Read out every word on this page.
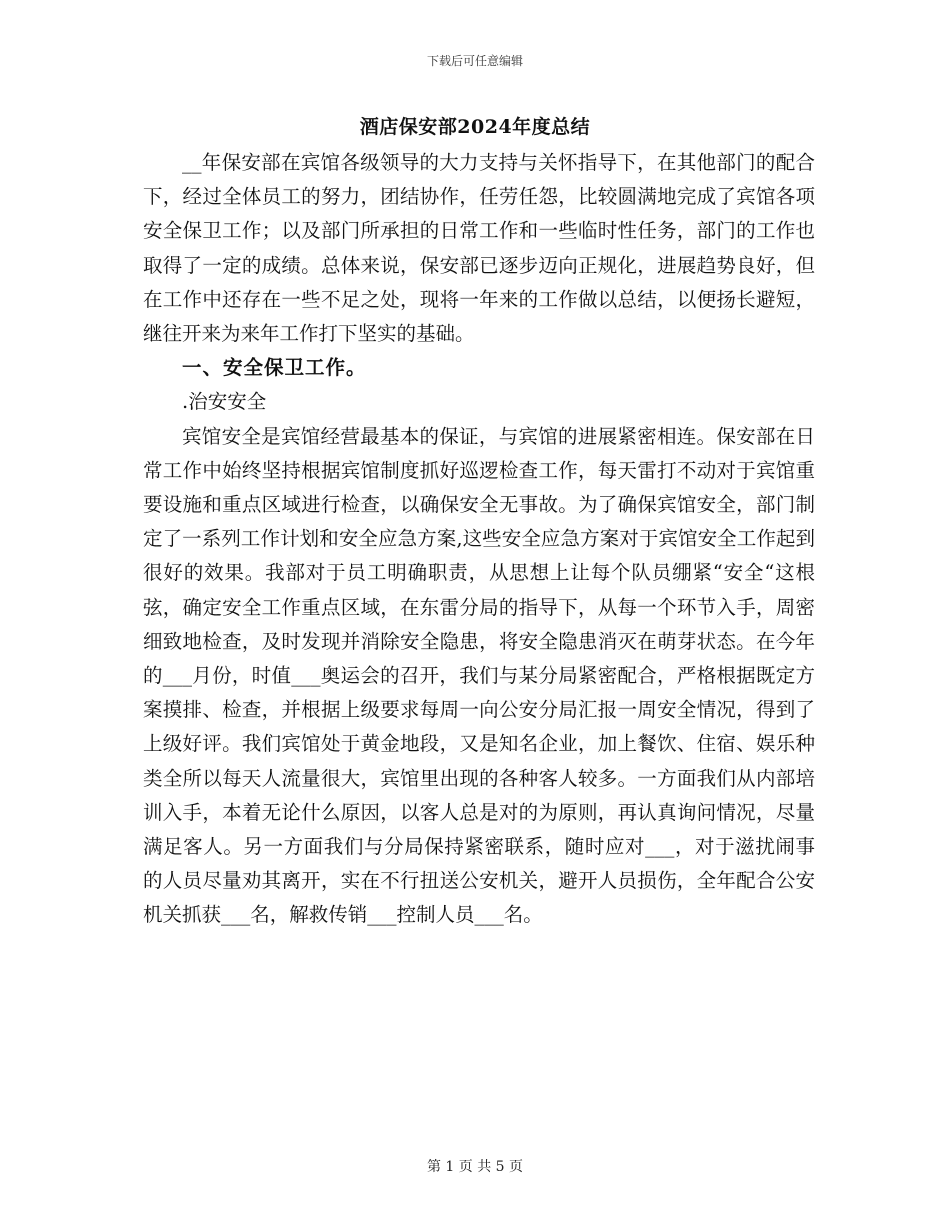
下载后可任意编辑
酒店保安部2024年度总结

__年保安部在宾馆各级领导的大力支持与关怀指导下，在其他部门的配合下，经过全体员工的努力，团结协作，任劳任怨，比较圆满地完成了宾馆各项安全保卫工作；以及部门所承担的日常工作和一些临时性任务，部门的工作也取得了一定的成绩。总体来说，保安部已逐步迈向正规化，进展趋势良好，但在工作中还存在一些不足之处，现将一年来的工作做以总结，以便扬长避短，继往开来为来年工作打下坚实的基础。

一、安全保卫工作。

.治安安全

宾馆安全是宾馆经营最基本的保证，与宾馆的进展紧密相连。保安部在日常工作中始终坚持根据宾馆制度抓好巡逻检查工作，每天雷打不动对于宾馆重要设施和重点区域进行检查，以确保安全无事故。为了确保宾馆安全，部门制定了一系列工作计划和安全应急方案,这些安全应急方案对于宾馆安全工作起到很好的效果。我部对于员工明确职责，从思想上让每个队员绷紧“安全“这根弦，确定安全工作重点区域，在东雷分局的指导下，从每一个环节入手，周密细致地检查，及时发现并消除安全隐患，将安全隐患消灭在萌芽状态。在今年的___月份，时值___奥运会的召开，我们与某分局紧密配合，严格根据既定方案摸排、检查，并根据上级要求每周一向公安分局汇报一周安全情况，得到了上级好评。我们宾馆处于黄金地段，又是知名企业，加上餐饮、住宿、娱乐种类全所以每天人流量很大，宾馆里出现的各种客人较多。一方面我们从内部培训入手，本着无论什么原因，以客人总是对的为原则，再认真询问情况，尽量满足客人。另一方面我们与分局保持紧密联系，随时应对___，对于滋扰闹事的人员尽量劝其离开，实在不行扭送公安机关，避开人员损伤，全年配合公安机关抓获___名，解救传销___控制人员___名。

第 1 页 共 5 页
